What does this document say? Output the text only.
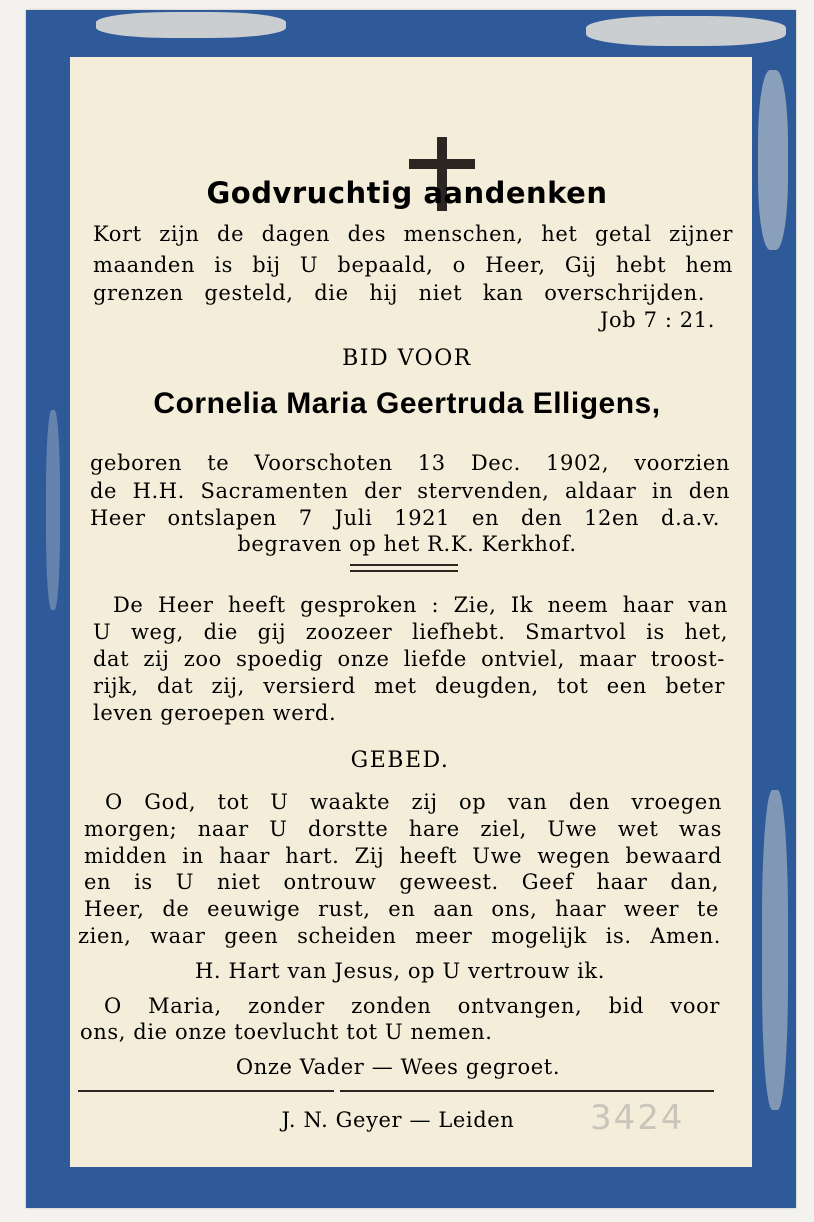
Godvruchtig aandenken
Kort zijn de dagen des menschen, het getal zijner
maanden is bij U bepaald, o Heer, Gij hebt hem
grenzen gesteld, die hij niet kan overschrijden.
Job 7 : 21.
BID VOOR
Cornelia Maria Geertruda Elligens,
geboren te Voorschoten 13 Dec. 1902, voorzien
de H.H. Sacramenten der stervenden, aldaar in den
Heer ontslapen 7 Juli 1921 en den 12en d.a.v.
begraven op het R.K. Kerkhof.
De Heer heeft gesproken : Zie, Ik neem haar van
U weg, die gij zoozeer liefhebt. Smartvol is het,
dat zij zoo spoedig onze liefde ontviel, maar troost-
rijk, dat zij, versierd met deugden, tot een beter
leven geroepen werd.
GEBED.
O God, tot U waakte zij op van den vroegen
morgen; naar U dorstte hare ziel, Uwe wet was
midden in haar hart. Zij heeft Uwe wegen bewaard
en is U niet ontrouw geweest. Geef haar dan,
Heer, de eeuwige rust, en aan ons, haar weer te
zien, waar geen scheiden meer mogelijk is. Amen.
H. Hart van Jesus, op U vertrouw ik.
O Maria, zonder zonden ontvangen, bid voor
ons, die onze toevlucht tot U nemen.
Onze Vader — Wees gegroet.
J. N. Geyer — Leiden	3424
